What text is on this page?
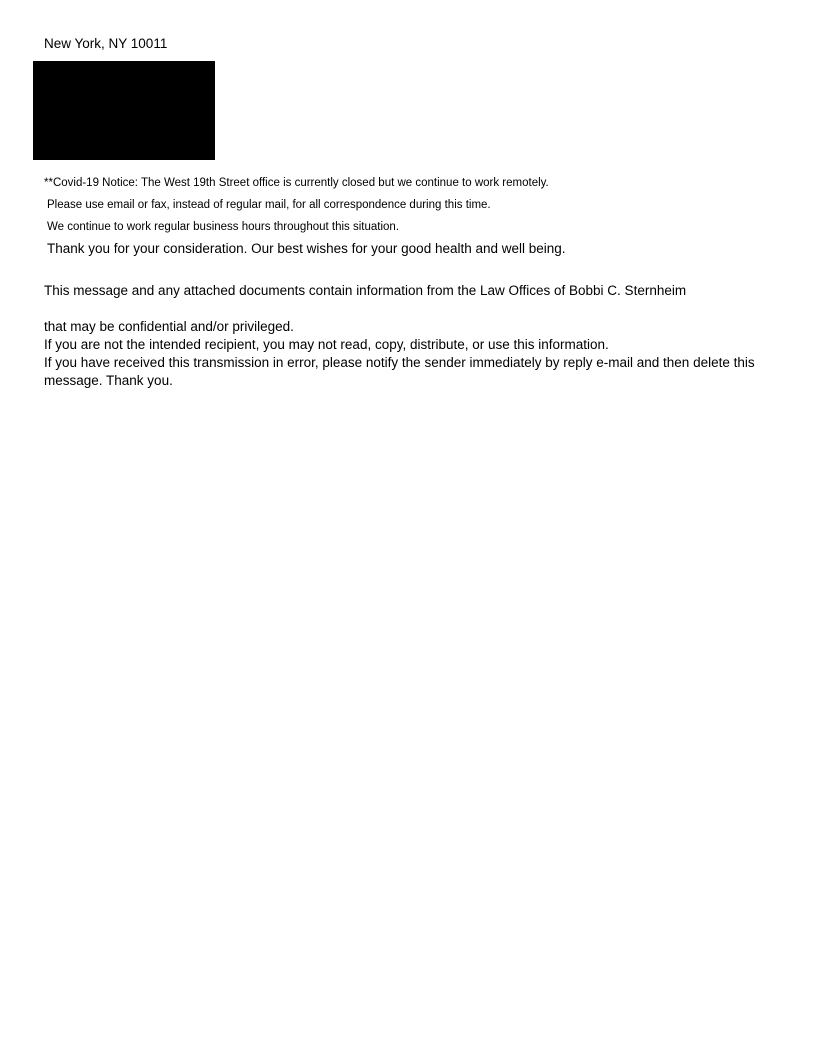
New York, NY 10011
**Covid-19 Notice: The West 19th Street office is currently closed but we continue to work remotely.
Please use email or fax, instead of regular mail, for all correspondence during this time.
We continue to work regular business hours throughout this situation.
Thank you for your consideration. Our best wishes for your good health and well being.
This message and any attached documents contain information from the Law Offices of Bobbi C. Sternheim
that may be confidential and/or privileged.
If you are not the intended recipient, you may not read, copy, distribute, or use this information.
If you have received this transmission in error, please notify the sender immediately by reply e-mail and then delete this message. Thank you.
